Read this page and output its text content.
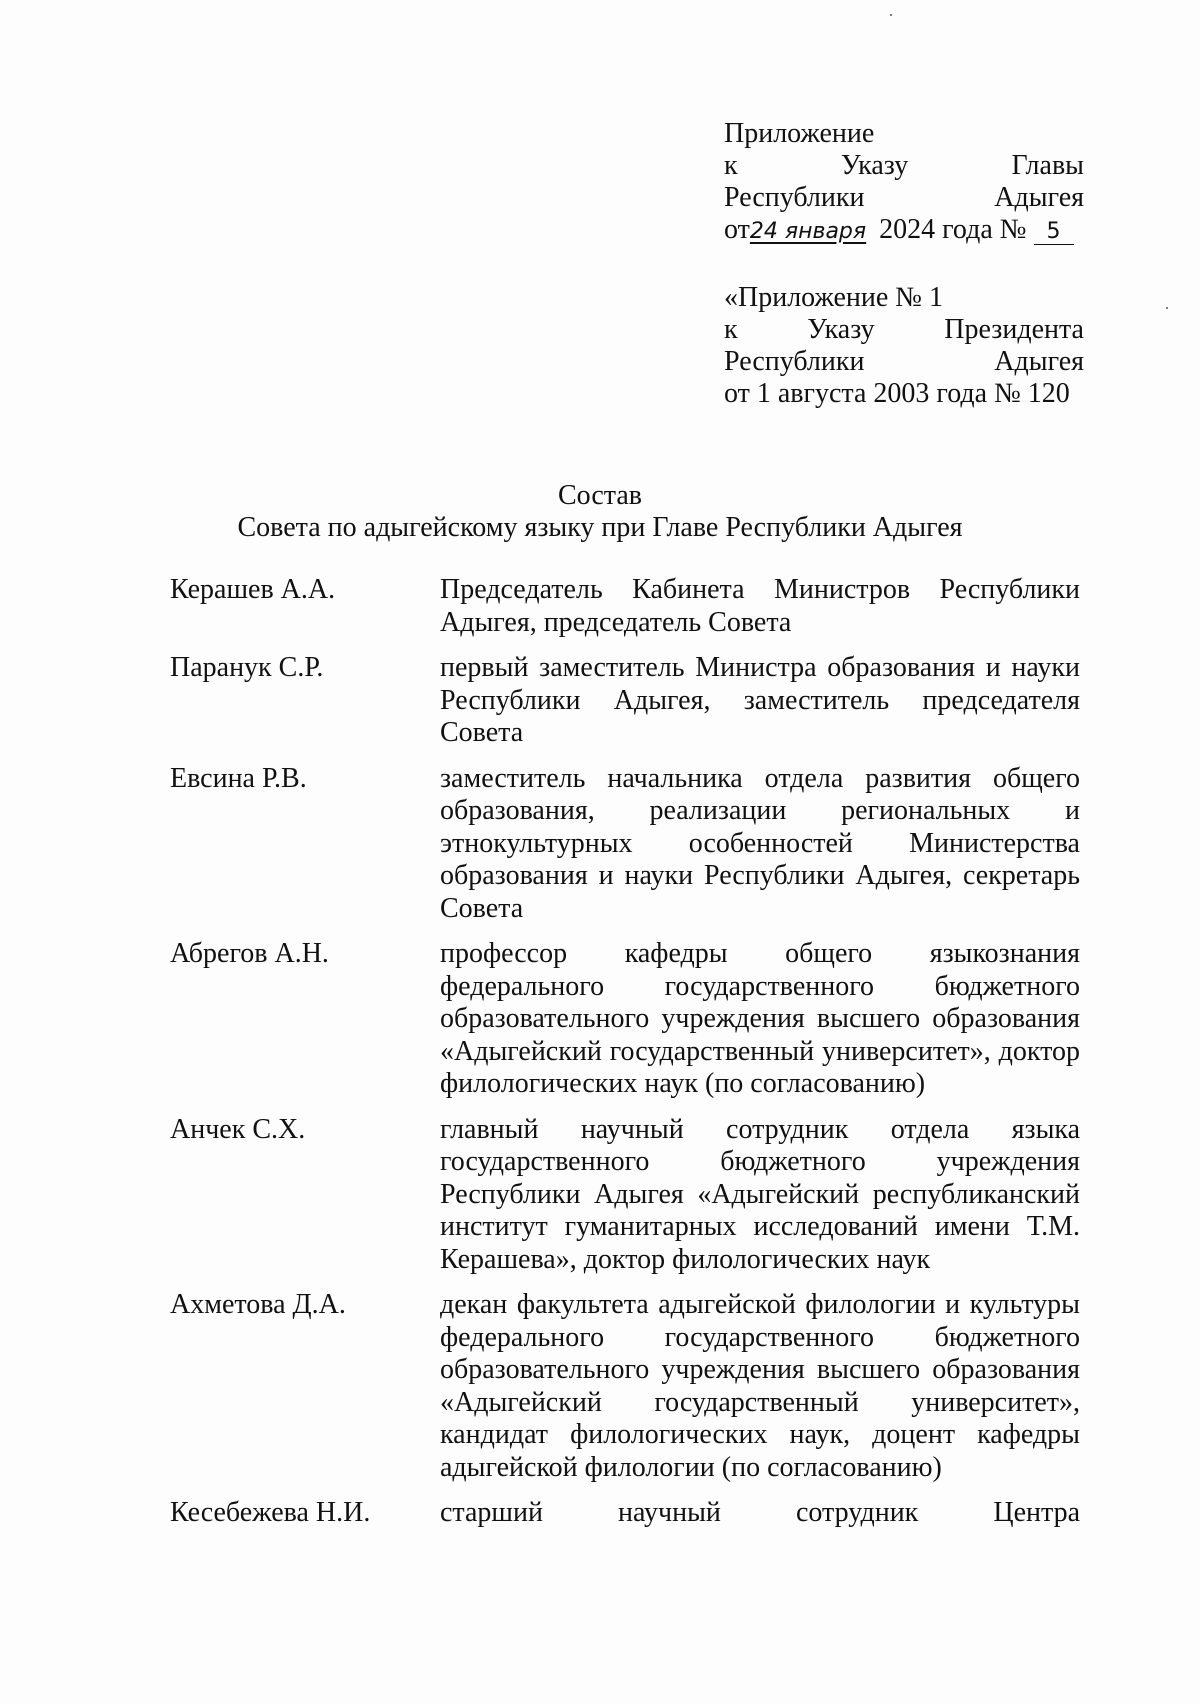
Приложение
к	Указу	Главы
Республики	Адыгея
от24 января 2024 года № 5
«Приложение № 1
к Указу Президента
Республики	Адыгея
от 1 августа 2003 года № 120
Состав
Совета по адыгейскому языку при Главе Республики Адыгея
Керашев А.А.	Председатель Кабинета Министров Республики Адыгея, председатель Совета
Паранук С.Р.	первый заместитель Министра образования и науки Республики Адыгея, заместитель председателя Совета
Евсина Р.В.	заместитель начальника отдела развития общего образования, реализации региональных и этнокультурных особенностей Министерства образования и науки Республики Адыгея, секретарь Совета
Абрегов А.Н.	профессор кафедры общего языкознания федерального государственного бюджетного образовательного учреждения высшего образования «Адыгейский государственный университет», доктор филологических наук (по согласованию)
Анчек С.Х.	главный научный сотрудник отдела языка государственного бюджетного учреждения Республики Адыгея «Адыгейский республиканский институт гуманитарных исследований имени Т.М. Керашева», доктор филологических наук
Ахметова Д.А.	декан факультета адыгейской филологии и культуры федерального государственного бюджетного образовательного учреждения высшего образования «Адыгейский государственный университет», кандидат филологических наук, доцент кафедры адыгейской филологии (по согласованию)
Кесебежева Н.И.	старший научный сотрудник Центра
